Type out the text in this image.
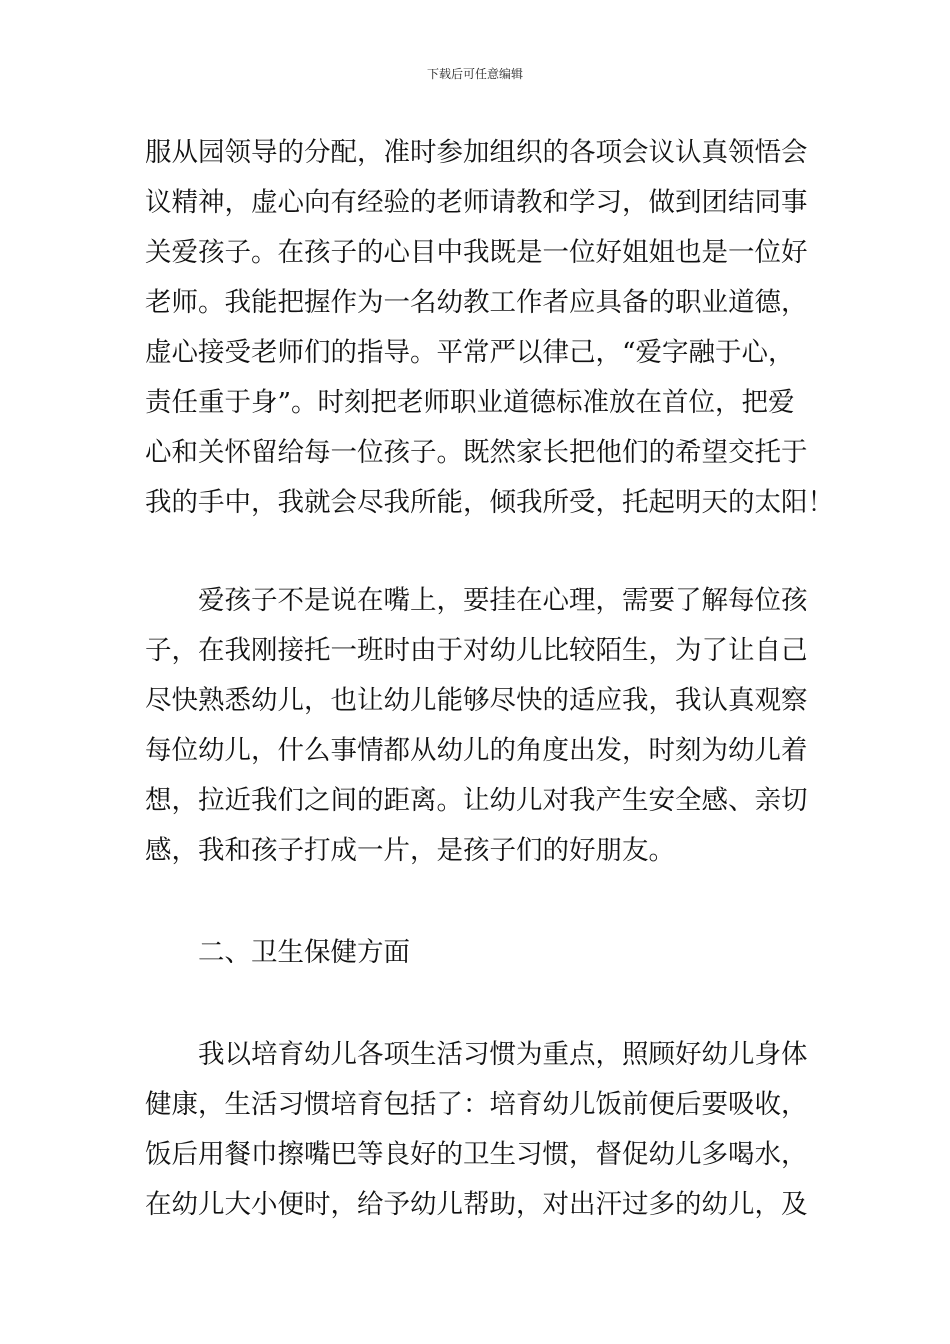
下载后可任意编辑
服从园领导的分配，准时参加组织的各项会议认真领悟会
议精神，虚心向有经验的老师请教和学习，做到团结同事
关爱孩子。在孩子的心目中我既是一位好姐姐也是一位好
老师。我能把握作为一名幼教工作者应具备的职业道德，
虚心接受老师们的指导。平常严以律己，“爱字融于心，
责任重于身”。时刻把老师职业道德标准放在首位，把爱
心和关怀留给每一位孩子。既然家长把他们的希望交托于
我的手中，我就会尽我所能，倾我所受，托起明天的太阳！
爱孩子不是说在嘴上，要挂在心理，需要了解每位孩
子，在我刚接托一班时由于对幼儿比较陌生，为了让自己
尽快熟悉幼儿，也让幼儿能够尽快的适应我，我认真观察
每位幼儿，什么事情都从幼儿的角度出发，时刻为幼儿着
想，拉近我们之间的距离。让幼儿对我产生安全感、亲切
感，我和孩子打成一片，是孩子们的好朋友。
二、卫生保健方面
我以培育幼儿各项生活习惯为重点，照顾好幼儿身体
健康，生活习惯培育包括了：培育幼儿饭前便后要吸收，
饭后用餐巾擦嘴巴等良好的卫生习惯，督促幼儿多喝水，
在幼儿大小便时，给予幼儿帮助，对出汗过多的幼儿，及
